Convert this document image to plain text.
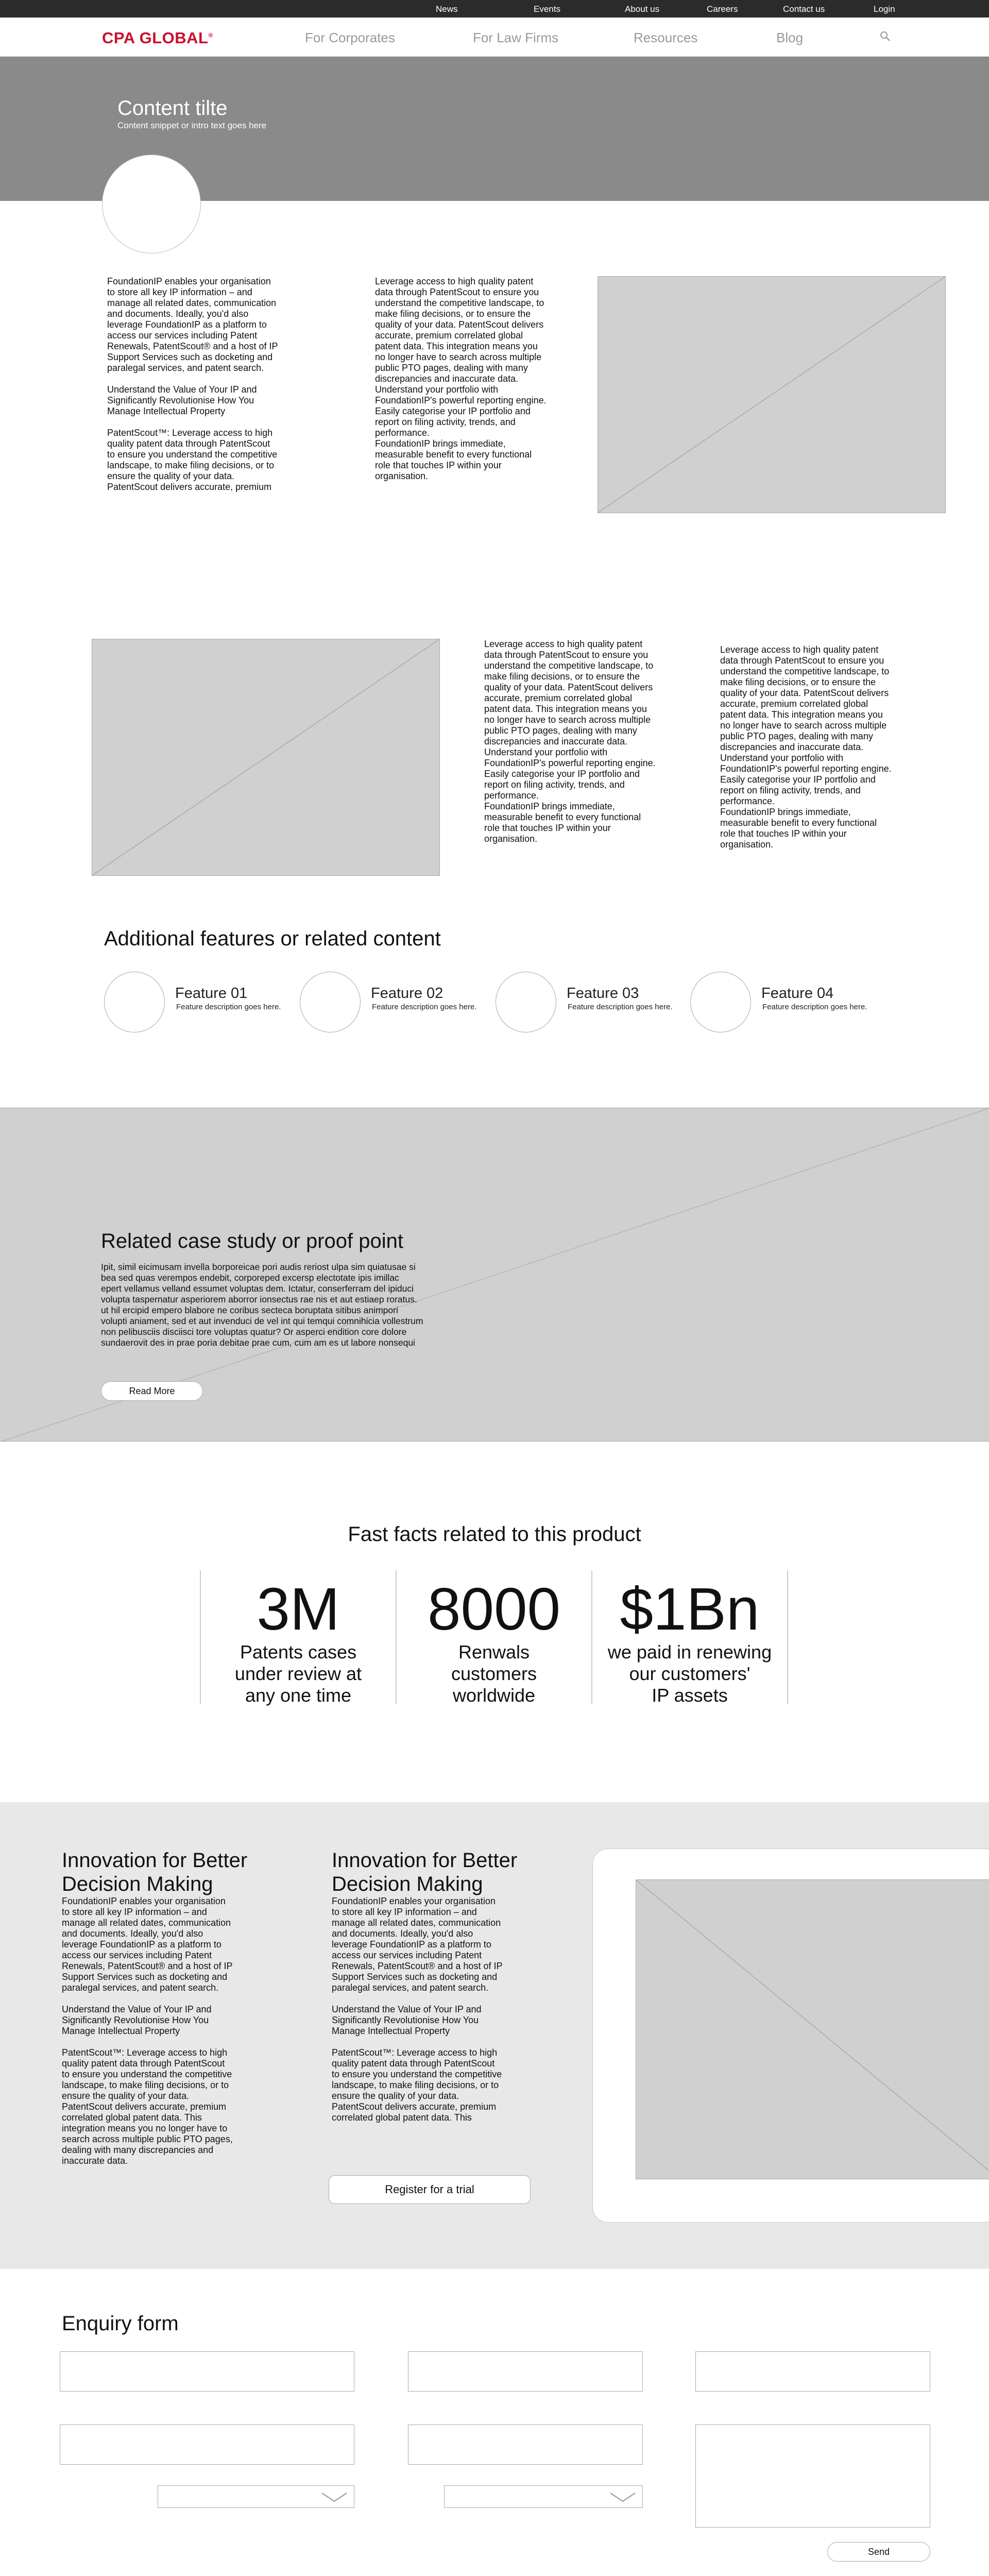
News	Events	About us	Careers	Contact us	Login
CPA GLOBAL®	For Corporates	For Law Firms	Resources	Blog
Content tilte
Content snippet or intro text goes here
FoundationIP enables your organisation
to store all key IP information – and
manage all related dates, communication
and documents. Ideally, you'd also
leverage FoundationIP as a platform to
access our services including Patent
Renewals, PatentScout® and a host of IP
Support Services such as docketing and
paralegal services, and patent search.

Understand the Value of Your IP and
Significantly Revolutionise How You
Manage Intellectual Property

PatentScout™: Leverage access to high
quality patent data through PatentScout
to ensure you understand the competitive
landscape, to make filing decisions, or to
ensure the quality of your data.
PatentScout delivers accurate, premium
Leverage access to high quality patent
data through PatentScout to ensure you
understand the competitive landscape, to
make filing decisions, or to ensure the
quality of your data. PatentScout delivers
accurate, premium correlated global
patent data. This integration means you
no longer have to search across multiple
public PTO pages, dealing with many
discrepancies and inaccurate data.
Understand your portfolio with
FoundationIP's powerful reporting engine.
Easily categorise your IP portfolio and
report on filing activity, trends, and
performance.
FoundationIP brings immediate,
measurable benefit to every functional
role that touches IP within your
organisation.
Leverage access to high quality patent
data through PatentScout to ensure you
understand the competitive landscape, to
make filing decisions, or to ensure the
quality of your data. PatentScout delivers
accurate, premium correlated global
patent data. This integration means you
no longer have to search across multiple
public PTO pages, dealing with many
discrepancies and inaccurate data.
Understand your portfolio with
FoundationIP's powerful reporting engine.
Easily categorise your IP portfolio and
report on filing activity, trends, and
performance.
FoundationIP brings immediate,
measurable benefit to every functional
role that touches IP within your
organisation.
Leverage access to high quality patent
data through PatentScout to ensure you
understand the competitive landscape, to
make filing decisions, or to ensure the
quality of your data. PatentScout delivers
accurate, premium correlated global
patent data. This integration means you
no longer have to search across multiple
public PTO pages, dealing with many
discrepancies and inaccurate data.
Understand your portfolio with
FoundationIP's powerful reporting engine.
Easily categorise your IP portfolio and
report on filing activity, trends, and
performance.
FoundationIP brings immediate,
measurable benefit to every functional
role that touches IP within your
organisation.
Additional features or related content
Feature 01
Feature description goes here.
Feature 02
Feature description goes here.
Feature 03
Feature description goes here.
Feature 04
Feature description goes here.
Related case study or proof point
Ipit, simil eicimusam invella borporeicae pori audis reriost ulpa sim quiatusae si
bea sed quas verempos endebit, corporeped excersp electotate ipis imillac
epert vellamus velland essumet voluptas dem. Ictatur, conserferram del ipiduci
volupta taspernatur asperiorem aborror ionsectus rae nis et aut estiaep roratus.
ut hil ercipid empero blabore ne coribus secteca boruptata sitibus animpori
volupti aniament, sed et aut invenduci de vel int qui temqui comnihicia vollestrum
non pelibusciis disciisci tore voluptas quatur? Or asperci endition core dolore
sundaerovit des in prae poria debitae prae cum, cum am es ut labore nonsequi
Read More
Fast facts related to this product
3M
Patents cases
under review at
any one time
8000
Renwals
customers
worldwide
$1Bn
we paid in renewing
our customers'
IP assets
Innovation for Better
Decision Making
FoundationIP enables your organisation
to store all key IP information – and
manage all related dates, communication
and documents. Ideally, you'd also
leverage FoundationIP as a platform to
access our services including Patent
Renewals, PatentScout® and a host of IP
Support Services such as docketing and
paralegal services, and patent search.

Understand the Value of Your IP and
Significantly Revolutionise How You
Manage Intellectual Property

PatentScout™: Leverage access to high
quality patent data through PatentScout
to ensure you understand the competitive
landscape, to make filing decisions, or to
ensure the quality of your data.
PatentScout delivers accurate, premium
correlated global patent data. This
integration means you no longer have to
search across multiple public PTO pages,
dealing with many discrepancies and
inaccurate data.
Innovation for Better
Decision Making
FoundationIP enables your organisation
to store all key IP information – and
manage all related dates, communication
and documents. Ideally, you'd also
leverage FoundationIP as a platform to
access our services including Patent
Renewals, PatentScout® and a host of IP
Support Services such as docketing and
paralegal services, and patent search.

Understand the Value of Your IP and
Significantly Revolutionise How You
Manage Intellectual Property

PatentScout™: Leverage access to high
quality patent data through PatentScout
to ensure you understand the competitive
landscape, to make filing decisions, or to
ensure the quality of your data.
PatentScout delivers accurate, premium
correlated global patent data. This
Register for a trial
Enquiry form
Send
